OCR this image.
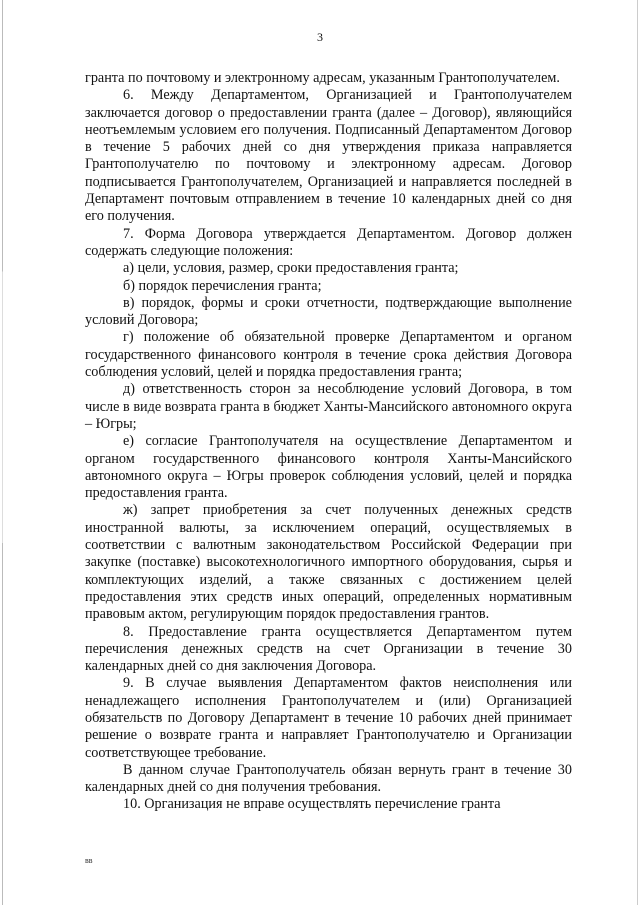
3

гранта по почтовому и электронному адресам, указанным Грантополучателем.

6. Между Департаментом, Организацией и Грантополучателем заключается договор о предоставлении гранта (далее – Договор), являющийся неотъемлемым условием его получения. Подписанный Департаментом Договор в течение 5 рабочих дней со дня утверждения приказа направляется Грантополучателю по почтовому и электронному адресам. Договор подписывается Грантополучателем, Организацией и направляется последней в Департамент почтовым отправлением в течение 10 календарных дней со дня его получения.

7. Форма Договора утверждается Департаментом. Договор должен содержать следующие положения:

а) цели, условия, размер, сроки предоставления гранта;

б) порядок перечисления гранта;

в) порядок, формы и сроки отчетности, подтверждающие выполнение условий Договора;

г) положение об обязательной проверке Департаментом и органом государственного финансового контроля в течение срока действия Договора соблюдения условий, целей и порядка предоставления гранта;

д) ответственность сторон за несоблюдение условий Договора, в том числе в виде возврата гранта в бюджет Ханты-Мансийского автономного округа – Югры;

е) согласие Грантополучателя на осуществление Департаментом и органом государственного финансового контроля Ханты-Мансийского автономного округа – Югры проверок соблюдения условий, целей и порядка предоставления гранта.

ж) запрет приобретения за счет полученных денежных средств иностранной валюты, за исключением операций, осуществляемых в соответствии с валютным законодательством Российской Федерации при закупке (поставке) высокотехнологичного импортного оборудования, сырья и комплектующих изделий, а также связанных с достижением целей предоставления этих средств иных операций, определенных нормативным правовым актом, регулирующим порядок предоставления грантов.

8. Предоставление гранта осуществляется Департаментом путем перечисления денежных средств на счет Организации в течение 30 календарных дней со дня заключения Договора.

9. В случае выявления Департаментом фактов неисполнения или ненадлежащего исполнения Грантополучателем и (или) Организацией обязательств по Договору Департамент в течение 10 рабочих дней принимает решение о возврате гранта и направляет Грантополучателю и Организации соответствующее требование.

В данном случае Грантополучатель обязан вернуть грант в течение 30 календарных дней со дня получения требования.

10. Организация не вправе осуществлять перечисление гранта

вв
